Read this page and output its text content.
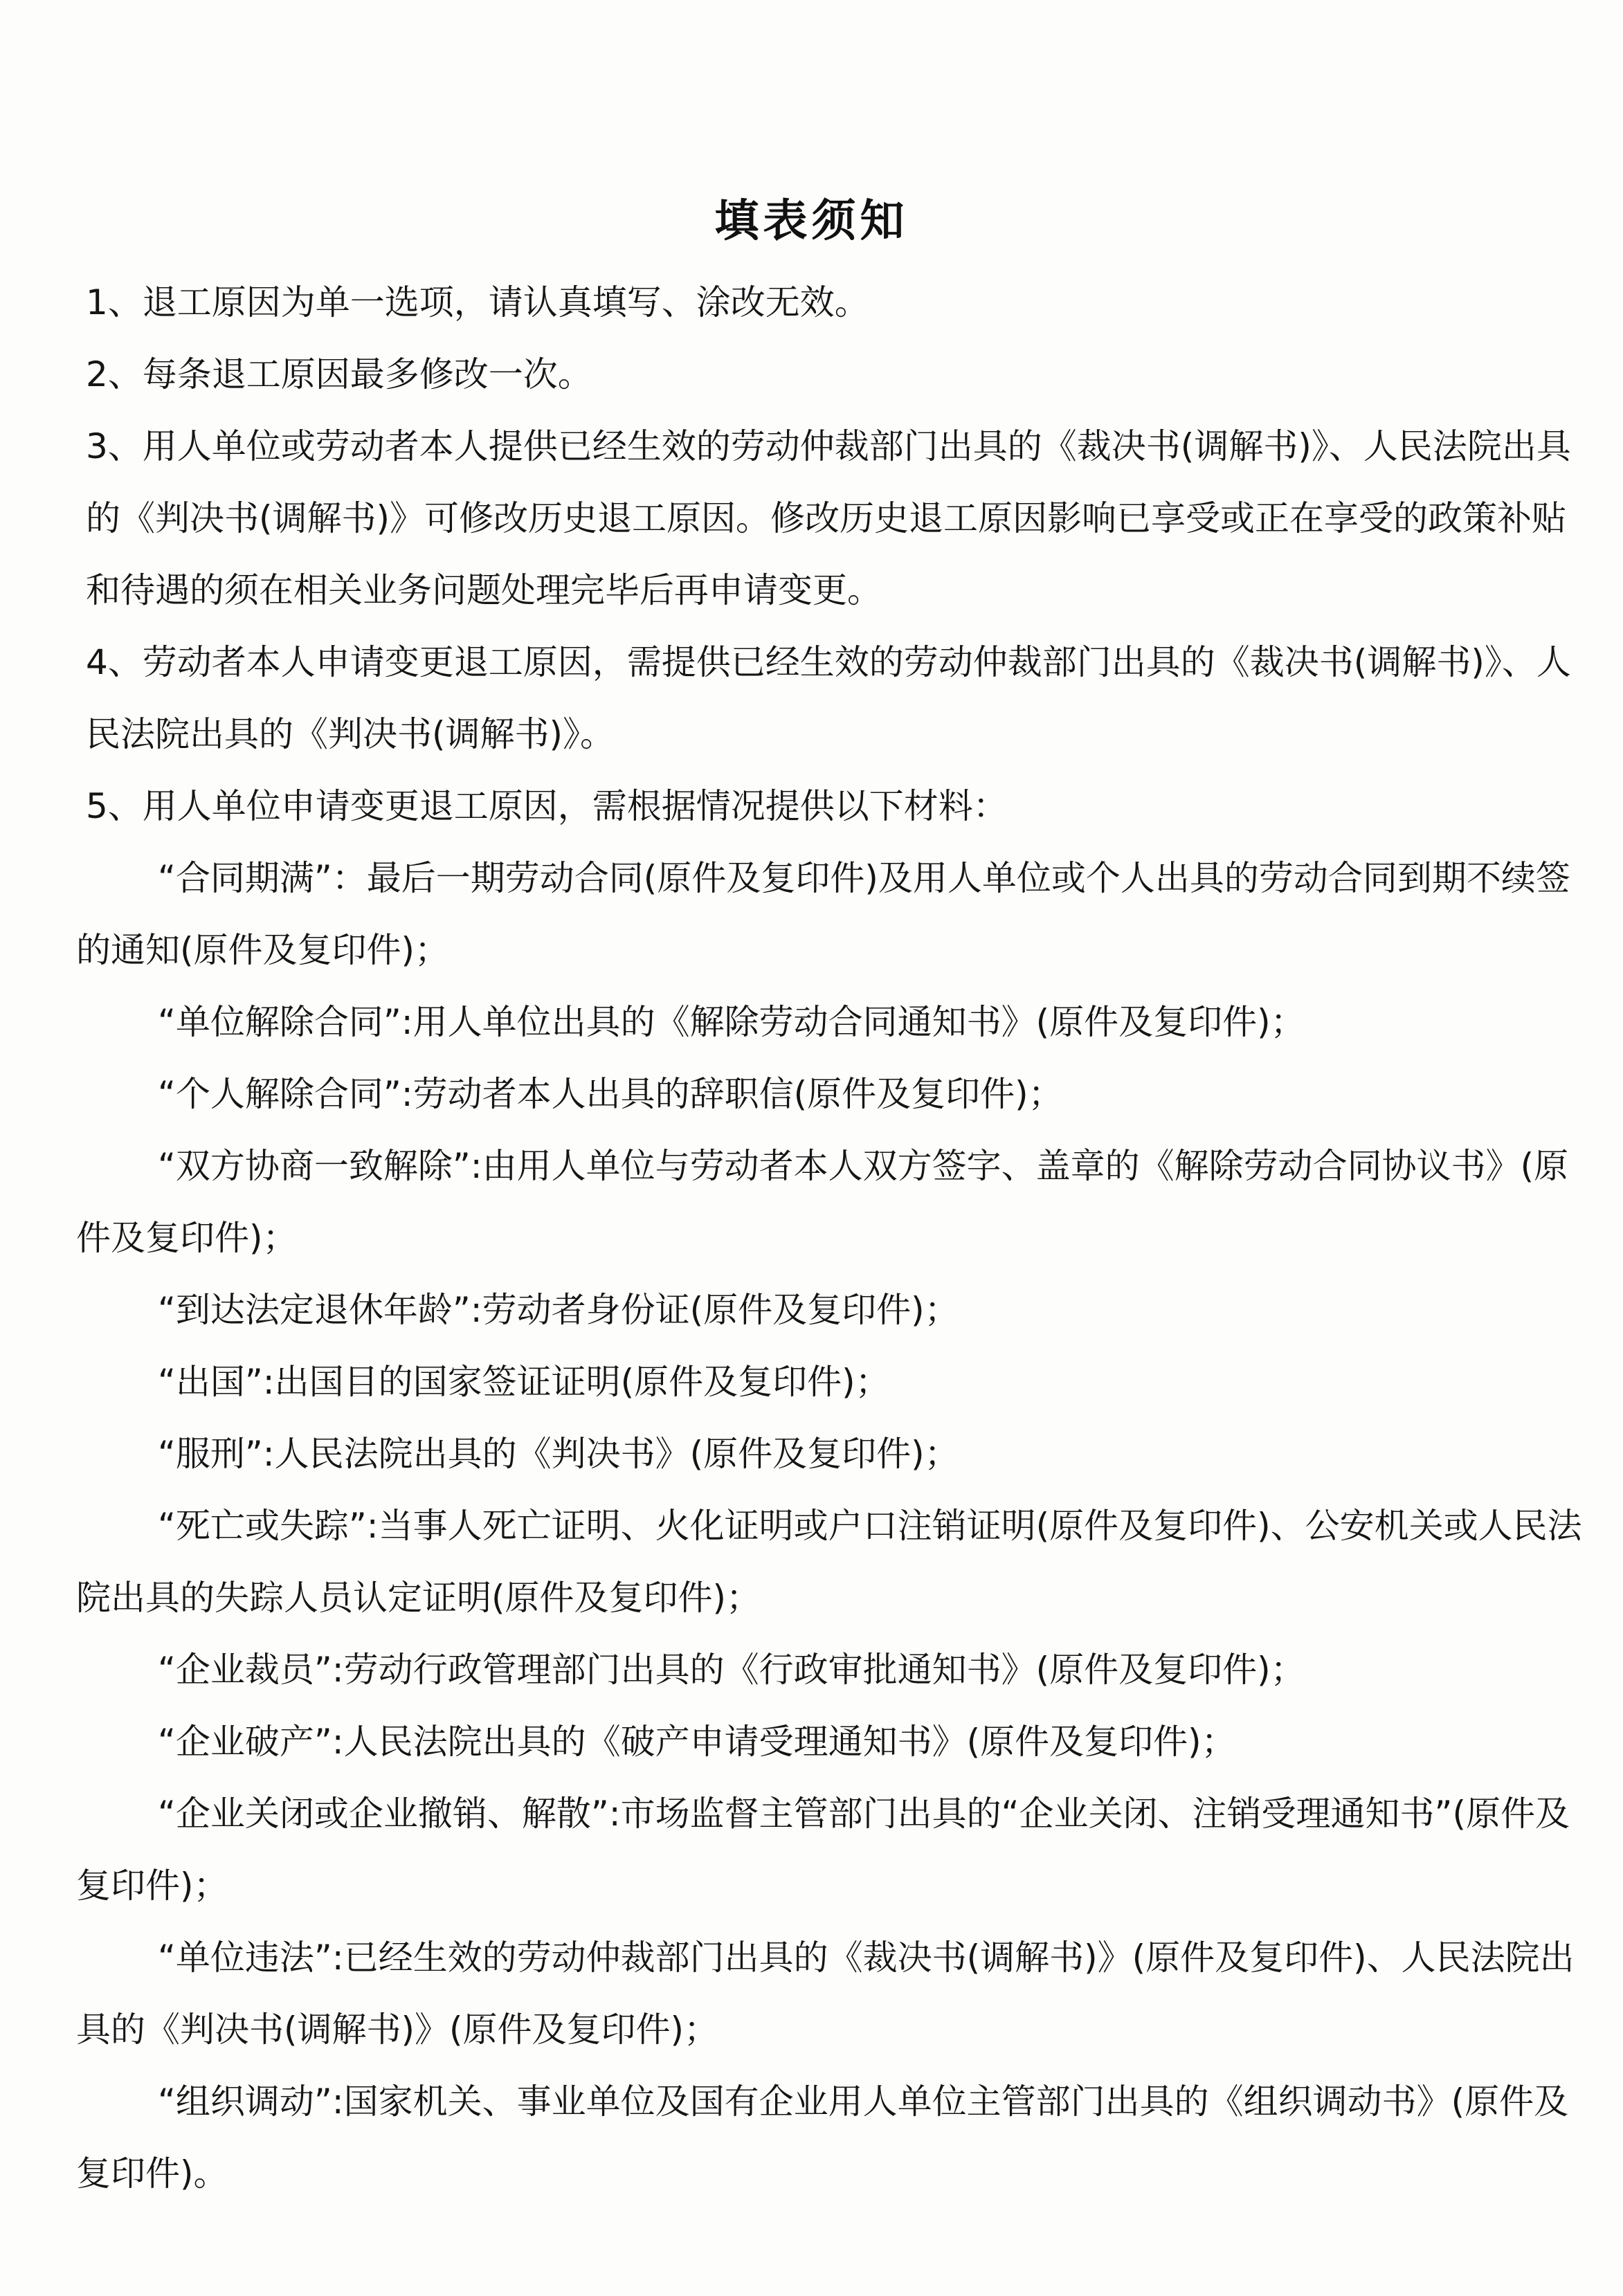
填表须知

1、退工原因为单一选项，请认真填写、涂改无效。

2、每条退工原因最多修改一次。

3、用人单位或劳动者本人提供已经生效的劳动仲裁部门出具的《裁决书(调解书)》、人民法院出具的《判决书(调解书)》可修改历史退工原因。修改历史退工原因影响已享受或正在享受的政策补贴和待遇的须在相关业务问题处理完毕后再申请变更。

4、劳动者本人申请变更退工原因，需提供已经生效的劳动仲裁部门出具的《裁决书(调解书)》、人民法院出具的《判决书(调解书)》。

5、用人单位申请变更退工原因，需根据情况提供以下材料：

“合同期满”：最后一期劳动合同(原件及复印件)及用人单位或个人出具的劳动合同到期不续签的通知(原件及复印件)；

“单位解除合同”:用人单位出具的《解除劳动合同通知书》(原件及复印件)；

“个人解除合同”:劳动者本人出具的辞职信(原件及复印件)；

“双方协商一致解除”:由用人单位与劳动者本人双方签字、盖章的《解除劳动合同协议书》(原件及复印件)；

“到达法定退休年龄”:劳动者身份证(原件及复印件)；

“出国”:出国目的国家签证证明(原件及复印件)；

“服刑”:人民法院出具的《判决书》(原件及复印件)；

“死亡或失踪”:当事人死亡证明、火化证明或户口注销证明(原件及复印件)、公安机关或人民法院出具的失踪人员认定证明(原件及复印件)；

“企业裁员”:劳动行政管理部门出具的《行政审批通知书》(原件及复印件)；

“企业破产”:人民法院出具的《破产申请受理通知书》(原件及复印件)；

“企业关闭或企业撤销、解散”:市场监督主管部门出具的“企业关闭、注销受理通知书”(原件及复印件)；

“单位违法”:已经生效的劳动仲裁部门出具的《裁决书(调解书)》(原件及复印件)、人民法院出具的《判决书(调解书)》(原件及复印件)；

“组织调动”:国家机关、事业单位及国有企业用人单位主管部门出具的《组织调动书》(原件及复印件)。
